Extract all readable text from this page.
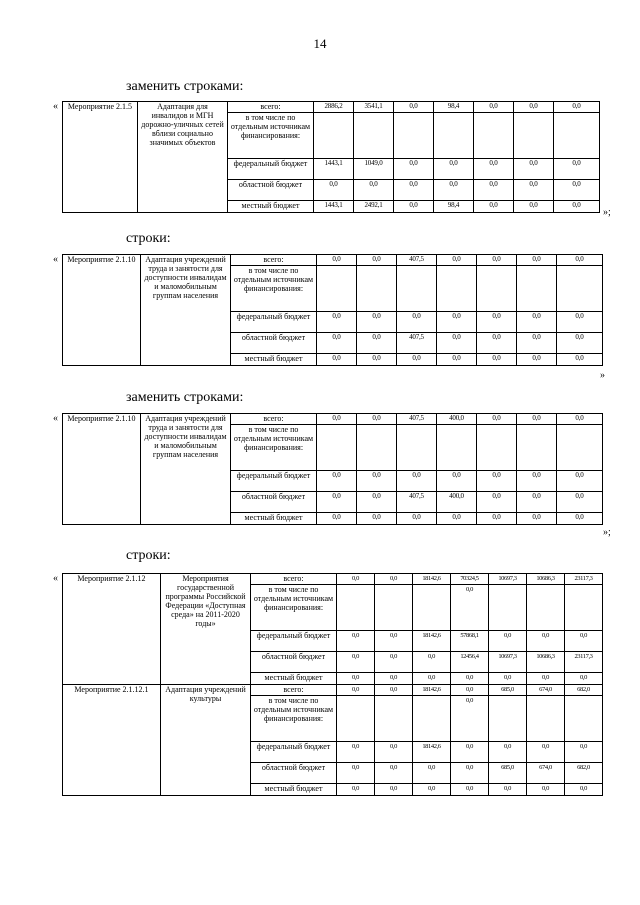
14
заменить строками:
« Мероприятие 2.1.5	Адаптация для инвалидов и МГН дорожно-уличных сетей вблизи социально значимых объектов	всего:	2886,2	3541,1	0,0	98,4	0,0	0,0	0,0
		в том числе по отдельным источникам финансирования:							
		федеральный бюджет	1443,1	1049,0	0,0	0,0	0,0	0,0	0,0
		областной бюджет	0,0	0,0	0,0	0,0	0,0	0,0	0,0
		местный бюджет	1443,1	2492,1	0,0	98,4	0,0	0,0	0,0
»;
строки:
« Мероприятие 2.1.10	Адаптация учреждений труда и занятости для доступности инвалидам и маломобильным группам населения	всего:	0,0	0,0	407,5	0,0	0,0	0,0	0,0
		в том числе по отдельным источникам финансирования:							
		федеральный бюджет	0,0	0,0	0,0	0,0	0,0	0,0	0,0
		областной бюджет	0,0	0,0	407,5	0,0	0,0	0,0	0,0
		местный бюджет	0,0	0,0	0,0	0,0	0,0	0,0	0,0
»
заменить строками:
« Мероприятие 2.1.10	Адаптация учреждений труда и занятости для доступности инвалидам и маломобильным группам населения	всего:	0,0	0,0	407,5	400,0	0,0	0,0	0,0
		в том числе по отдельным источникам финансирования:							
		федеральный бюджет	0,0	0,0	0,0	0,0	0,0	0,0	0,0
		областной бюджет	0,0	0,0	407,5	400,0	0,0	0,0	0,0
		местный бюджет	0,0	0,0	0,0	0,0	0,0	0,0	0,0
»;
строки:
« Мероприятие 2.1.12	Мероприятия государственной программы Российской Федерации «Доступная среда» на 2011-2020 годы»	всего:	0,0	0,0	18142,6	70324,5	10697,3	10686,3	23117,3
		в том числе по отдельным источникам финансирования:				0,0			
		федеральный бюджет	0,0	0,0	18142,6	57868,1	0,0	0,0	0,0
		областной бюджет	0,0	0,0	0,0	12456,4	10697,3	10686,3	23117,3
		местный бюджет	0,0	0,0	0,0	0,0	0,0	0,0	0,0
Мероприятие 2.1.12.1	Адаптация учреждений культуры	всего:	0,0	0,0	18142,6	0,0	685,0	674,0	682,0
		в том числе по отдельным источникам финансирования:				0,0			
		федеральный бюджет	0,0	0,0	18142,6	0,0	0,0	0,0	0,0
		областной бюджет	0,0	0,0	0,0	0,0	685,0	674,0	682,0
		местный бюджет	0,0	0,0	0,0	0,0	0,0	0,0	0,0
